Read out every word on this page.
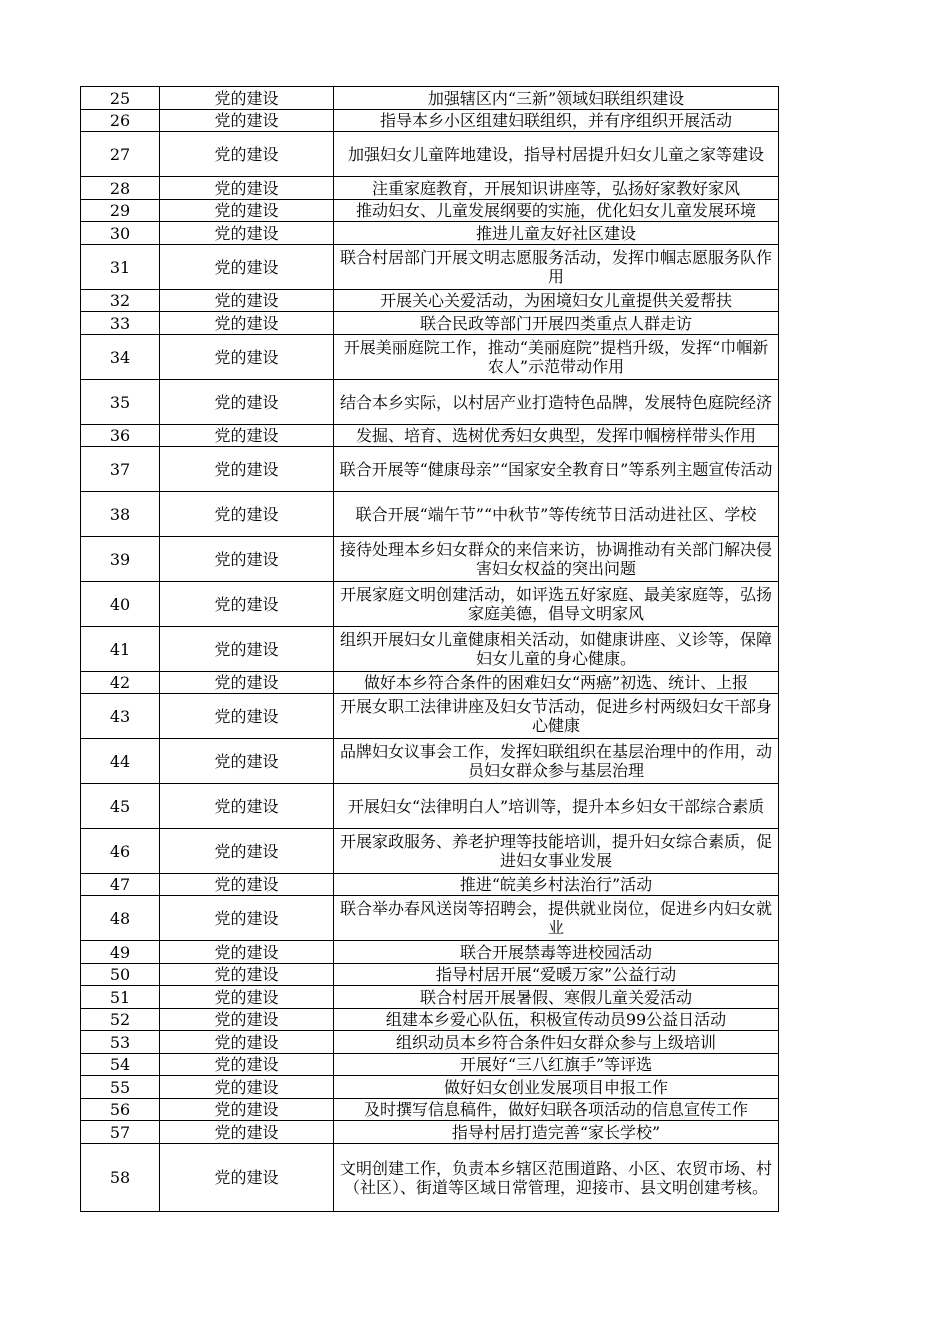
25	党的建设	加强辖区内“三新”领域妇联组织建设
26	党的建设	指导本乡小区组建妇联组织，并有序组织开展活动
27	党的建设	加强妇女儿童阵地建设，指导村居提升妇女儿童之家等建设
28	党的建设	注重家庭教育，开展知识讲座等，弘扬好家教好家风
29	党的建设	推动妇女、儿童发展纲要的实施，优化妇女儿童发展环境
30	党的建设	推进儿童友好社区建设
31	党的建设	联合村居部门开展文明志愿服务活动，发挥巾帼志愿服务队作用
32	党的建设	开展关心关爱活动，为困境妇女儿童提供关爱帮扶
33	党的建设	联合民政等部门开展四类重点人群走访
34	党的建设	开展美丽庭院工作，推动“美丽庭院”提档升级，发挥“巾帼新农人”示范带动作用
35	党的建设	结合本乡实际，以村居产业打造特色品牌，发展特色庭院经济
36	党的建设	发掘、培育、选树优秀妇女典型，发挥巾帼榜样带头作用
37	党的建设	联合开展等“健康母亲”“国家安全教育日”等系列主题宣传活动
38	党的建设	联合开展“端午节”“中秋节”等传统节日活动进社区、学校
39	党的建设	接待处理本乡妇女群众的来信来访，协调推动有关部门解决侵害妇女权益的突出问题
40	党的建设	开展家庭文明创建活动，如评选五好家庭、最美家庭等，弘扬家庭美德，倡导文明家风
41	党的建设	组织开展妇女儿童健康相关活动，如健康讲座、义诊等，保障妇女儿童的身心健康。
42	党的建设	做好本乡符合条件的困难妇女“两癌”初选、统计、上报
43	党的建设	开展女职工法律讲座及妇女节活动，促进乡村两级妇女干部身心健康
44	党的建设	品牌妇女议事会工作，发挥妇联组织在基层治理中的作用，动员妇女群众参与基层治理
45	党的建设	开展妇女“法律明白人”培训等，提升本乡妇女干部综合素质
46	党的建设	开展家政服务、养老护理等技能培训，提升妇女综合素质，促进妇女事业发展
47	党的建设	推进“皖美乡村法治行”活动
48	党的建设	联合举办春风送岗等招聘会，提供就业岗位，促进乡内妇女就业
49	党的建设	联合开展禁毒等进校园活动
50	党的建设	指导村居开展“爱暖万家”公益行动
51	党的建设	联合村居开展暑假、寒假儿童关爱活动
52	党的建设	组建本乡爱心队伍，积极宣传动员99公益日活动
53	党的建设	组织动员本乡符合条件妇女群众参与上级培训
54	党的建设	开展好“三八红旗手”等评选
55	党的建设	做好妇女创业发展项目申报工作
56	党的建设	及时撰写信息稿件，做好妇联各项活动的信息宣传工作
57	党的建设	指导村居打造完善“家长学校”
58	党的建设	文明创建工作，负责本乡辖区范围道路、小区、农贸市场、村（社区）、街道等区域日常管理，迎接市、县文明创建考核。
